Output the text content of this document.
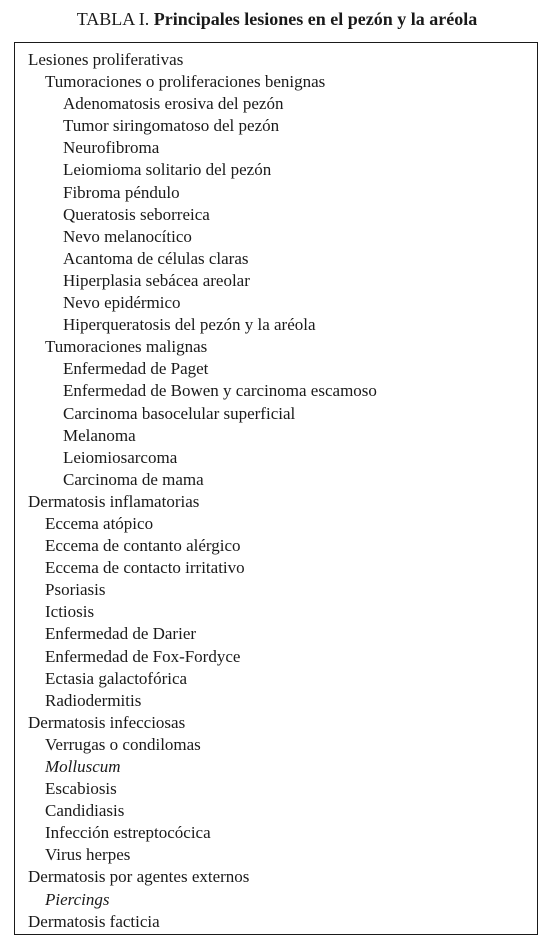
TABLA I. Principales lesiones en el pezón y la aréola
Lesiones proliferativas
Tumoraciones o proliferaciones benignas
Adenomatosis erosiva del pezón
Tumor siringomatoso del pezón
Neurofibroma
Leiomioma solitario del pezón
Fibroma péndulo
Queratosis seborreica
Nevo melanocítico
Acantoma de células claras
Hiperplasia sebácea areolar
Nevo epidérmico
Hiperqueratosis del pezón y la aréola
Tumoraciones malignas
Enfermedad de Paget
Enfermedad de Bowen y carcinoma escamoso
Carcinoma basocelular superficial
Melanoma
Leiomiosarcoma
Carcinoma de mama
Dermatosis inflamatorias
Eccema atópico
Eccema de contanto alérgico
Eccema de contacto irritativo
Psoriasis
Ictiosis
Enfermedad de Darier
Enfermedad de Fox-Fordyce
Ectasia galactofórica
Radiodermitis
Dermatosis infecciosas
Verrugas o condilomas
Molluscum
Escabiosis
Candidiasis
Infección estreptocócica
Virus herpes
Dermatosis por agentes externos
Piercings
Dermatosis facticia
